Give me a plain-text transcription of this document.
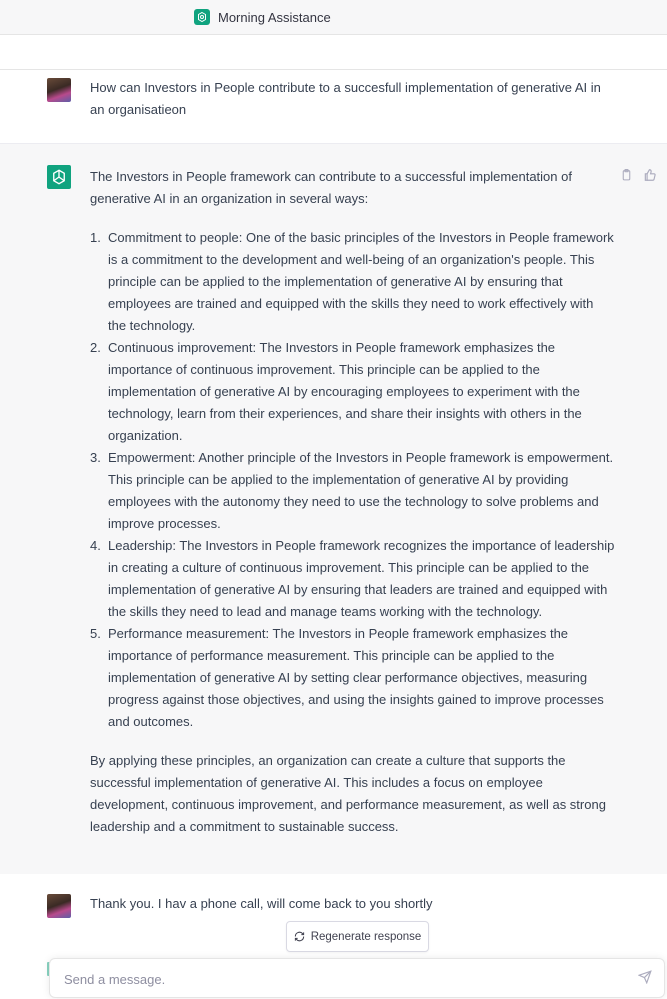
Morning Assistance

How can Investors in People contribute to a succesfull implementation of generative AI in an organisatieon

The Investors in People framework can contribute to a successful implementation of generative AI in an organization in several ways:

1. Commitment to people: One of the basic principles of the Investors in People framework is a commitment to the development and well-being of an organization's people. This principle can be applied to the implementation of generative AI by ensuring that employees are trained and equipped with the skills they need to work effectively with the technology.
2. Continuous improvement: The Investors in People framework emphasizes the importance of continuous improvement. This principle can be applied to the implementation of generative AI by encouraging employees to experiment with the technology, learn from their experiences, and share their insights with others in the organization.
3. Empowerment: Another principle of the Investors in People framework is empowerment. This principle can be applied to the implementation of generative AI by providing employees with the autonomy they need to use the technology to solve problems and improve processes.
4. Leadership: The Investors in People framework recognizes the importance of leadership in creating a culture of continuous improvement. This principle can be applied to the implementation of generative AI by ensuring that leaders are trained and equipped with the skills they need to lead and manage teams working with the technology.
5. Performance measurement: The Investors in People framework emphasizes the importance of performance measurement. This principle can be applied to the implementation of generative AI by setting clear performance objectives, measuring progress against those objectives, and using the insights gained to improve processes and outcomes.

By applying these principles, an organization can create a culture that supports the successful implementation of generative AI. This includes a focus on employee development, continuous improvement, and performance measurement, as well as strong leadership and a commitment to sustainable success.

Thank you. I hav a phone call, will come back to you shortly

Regenerate response
Send a message.
